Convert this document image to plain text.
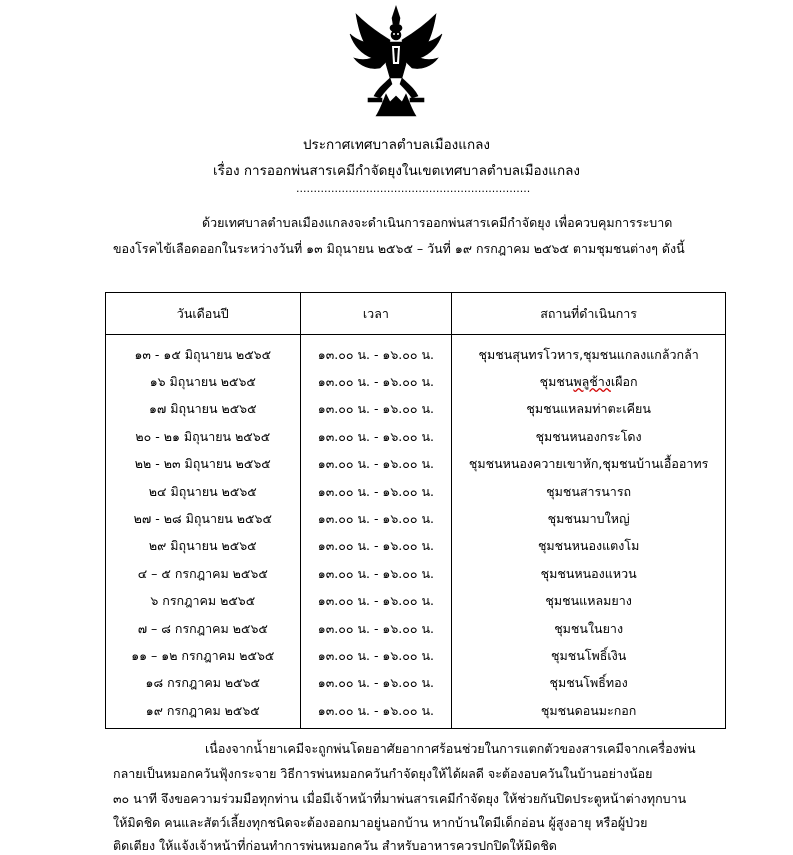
ประกาศเทศบาลตำบลเมืองแกลง
เรื่อง การออกพ่นสารเคมีกำจัดยุงในเขตเทศบาลตำบลเมืองแกลง
...................................................................
ด้วยเทศบาลตำบลเมืองแกลงจะดำเนินการออกพ่นสารเคมีกำจัดยุง เพื่อควบคุมการระบาด
ของโรคไข้เลือดออกในระหว่างวันที่ ๑๓ มิถุนายน ๒๕๖๕ – วันที่ ๑๙ กรกฎาคม ๒๕๖๕ ตามชุมชนต่างๆ ดังนี้
วันเดือนปี	เวลา	สถานที่ดำเนินการ
๑๓ - ๑๕ มิถุนายน ๒๕๖๕	๑๓.๐๐ น. - ๑๖.๐๐ น.	ชุมชนสุนทรโวหาร,ชุมชนแกลงแกล้วกล้า
๑๖ มิถุนายน ๒๕๖๕	๑๓.๐๐ น. - ๑๖.๐๐ น.	ชุมชนพลูช้างเผือก
๑๗ มิถุนายน ๒๕๖๕	๑๓.๐๐ น. - ๑๖.๐๐ น.	ชุมชนแหลมท่าตะเคียน
๒๐ - ๒๑ มิถุนายน ๒๕๖๕	๑๓.๐๐ น. - ๑๖.๐๐ น.	ชุมชนหนองกระโดง
๒๒ - ๒๓ มิถุนายน ๒๕๖๕	๑๓.๐๐ น. - ๑๖.๐๐ น.	ชุมชนหนองควายเขาหัก,ชุมชนบ้านเอื้ออาทร
๒๔ มิถุนายน ๒๕๖๕	๑๓.๐๐ น. - ๑๖.๐๐ น.	ชุมชนสารนารถ
๒๗ - ๒๘ มิถุนายน ๒๕๖๕	๑๓.๐๐ น. - ๑๖.๐๐ น.	ชุมชนมาบใหญ่
๒๙ มิถุนายน ๒๕๖๕	๑๓.๐๐ น. - ๑๖.๐๐ น.	ชุมชนหนองแตงโม
๔ – ๕ กรกฎาคม ๒๕๖๕	๑๓.๐๐ น. - ๑๖.๐๐ น.	ชุมชนหนองแหวน
๖ กรกฎาคม ๒๕๖๕	๑๓.๐๐ น. - ๑๖.๐๐ น.	ชุมชนแหลมยาง
๗ – ๘ กรกฎาคม ๒๕๖๕	๑๓.๐๐ น. - ๑๖.๐๐ น.	ชุมชนในยาง
๑๑ – ๑๒ กรกฎาคม ๒๕๖๕	๑๓.๐๐ น. - ๑๖.๐๐ น.	ชุมชนโพธิ์เงิน
๑๘ กรกฎาคม ๒๕๖๕	๑๓.๐๐ น. - ๑๖.๐๐ น.	ชุมชนโพธิ์ทอง
๑๙ กรกฎาคม ๒๕๖๕	๑๓.๐๐ น. - ๑๖.๐๐ น.	ชุมชนดอนมะกอก
เนื่องจากน้ำยาเคมีจะถูกพ่นโดยอาศัยอากาศร้อนช่วยในการแตกตัวของสารเคมีจากเครื่องพ่น
กลายเป็นหมอกควันฟุ้งกระจาย วิธีการพ่นหมอกควันกำจัดยุงให้ได้ผลดี จะต้องอบควันในบ้านอย่างน้อย
๓๐ นาที จึงขอความร่วมมือทุกท่าน เมื่อมีเจ้าหน้าที่มาพ่นสารเคมีกำจัดยุง ให้ช่วยกันปิดประตูหน้าต่างทุกบาน
ให้มิดชิด คนและสัตว์เลี้ยงทุกชนิดจะต้องออกมาอยู่นอกบ้าน หากบ้านใดมีเด็กอ่อน ผู้สูงอายุ หรือผู้ป่วย
ติดเตียง ให้แจ้งเจ้าหน้าที่ก่อนทำการพ่นหมอกควัน สำหรับอาหารควรปกปิดให้มิดชิด
